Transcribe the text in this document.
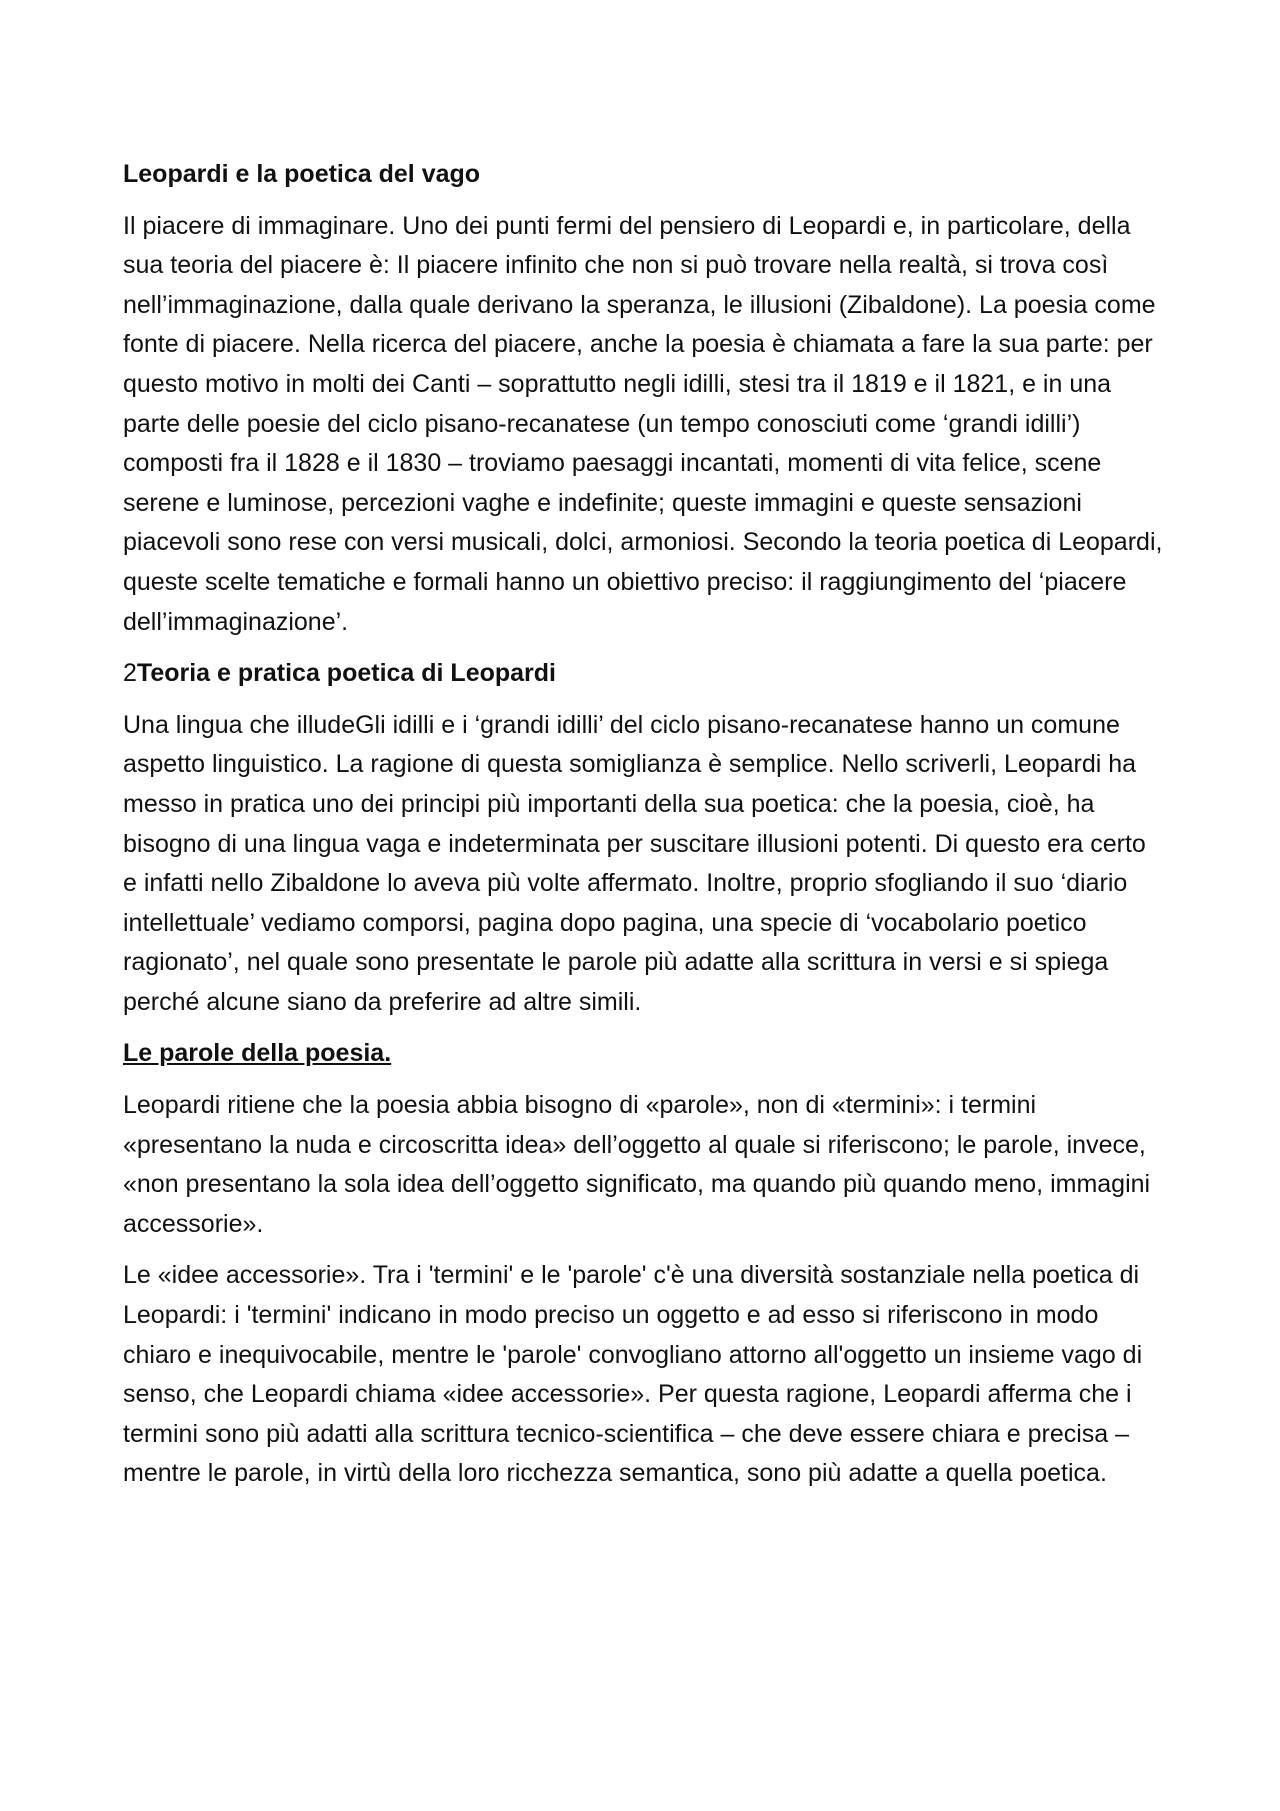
Leopardi e la poetica del vago

Il piacere di immaginare. Uno dei punti fermi del pensiero di Leopardi e, in particolare, della sua teoria del piacere è: Il piacere infinito che non si può trovare nella realtà, si trova così nell’immaginazione, dalla quale derivano la speranza, le illusioni (Zibaldone). La poesia come fonte di piacere. Nella ricerca del piacere, anche la poesia è chiamata a fare la sua parte: per questo motivo in molti dei Canti – soprattutto negli idilli, stesi tra il 1819 e il 1821, e in una parte delle poesie del ciclo pisano-recanatese (un tempo conosciuti come ‘grandi idilli’) composti fra il 1828 e il 1830 – troviamo paesaggi incantati, momenti di vita felice, scene serene e luminose, percezioni vaghe e indefinite; queste immagini e queste sensazioni piacevoli sono rese con versi musicali, dolci, armoniosi. Secondo la teoria poetica di Leopardi, queste scelte tematiche e formali hanno un obiettivo preciso: il raggiungimento del ‘piacere dell’immaginazione’.

2Teoria e pratica poetica di Leopardi

Una lingua che illudeGli idilli e i ‘grandi idilli’ del ciclo pisano-recanatese hanno un comune aspetto linguistico. La ragione di questa somiglianza è semplice. Nello scriverli, Leopardi ha messo in pratica uno dei principi più importanti della sua poetica: che la poesia, cioè, ha bisogno di una lingua vaga e indeterminata per suscitare illusioni potenti. Di questo era certo e infatti nello Zibaldone lo aveva più volte affermato. Inoltre, proprio sfogliando il suo ‘diario intellettuale’ vediamo comporsi, pagina dopo pagina, una specie di ‘vocabolario poetico ragionato’, nel quale sono presentate le parole più adatte alla scrittura in versi e si spiega perché alcune siano da preferire ad altre simili.

Le parole della poesia.

Leopardi ritiene che la poesia abbia bisogno di «parole», non di «termini»: i termini «presentano la nuda e circoscritta idea» dell’oggetto al quale si riferiscono; le parole, invece, «non presentano la sola idea dell’oggetto significato, ma quando più quando meno, immagini accessorie».

Le «idee accessorie». Tra i 'termini' e le 'parole' c'è una diversità sostanziale nella poetica di Leopardi: i 'termini' indicano in modo preciso un oggetto e ad esso si riferiscono in modo chiaro e inequivocabile, mentre le 'parole' convogliano attorno all'oggetto un insieme vago di senso, che Leopardi chiama «idee accessorie». Per questa ragione, Leopardi afferma che i termini sono più adatti alla scrittura tecnico-scientifica – che deve essere chiara e precisa – mentre le parole, in virtù della loro ricchezza semantica, sono più adatte a quella poetica.
